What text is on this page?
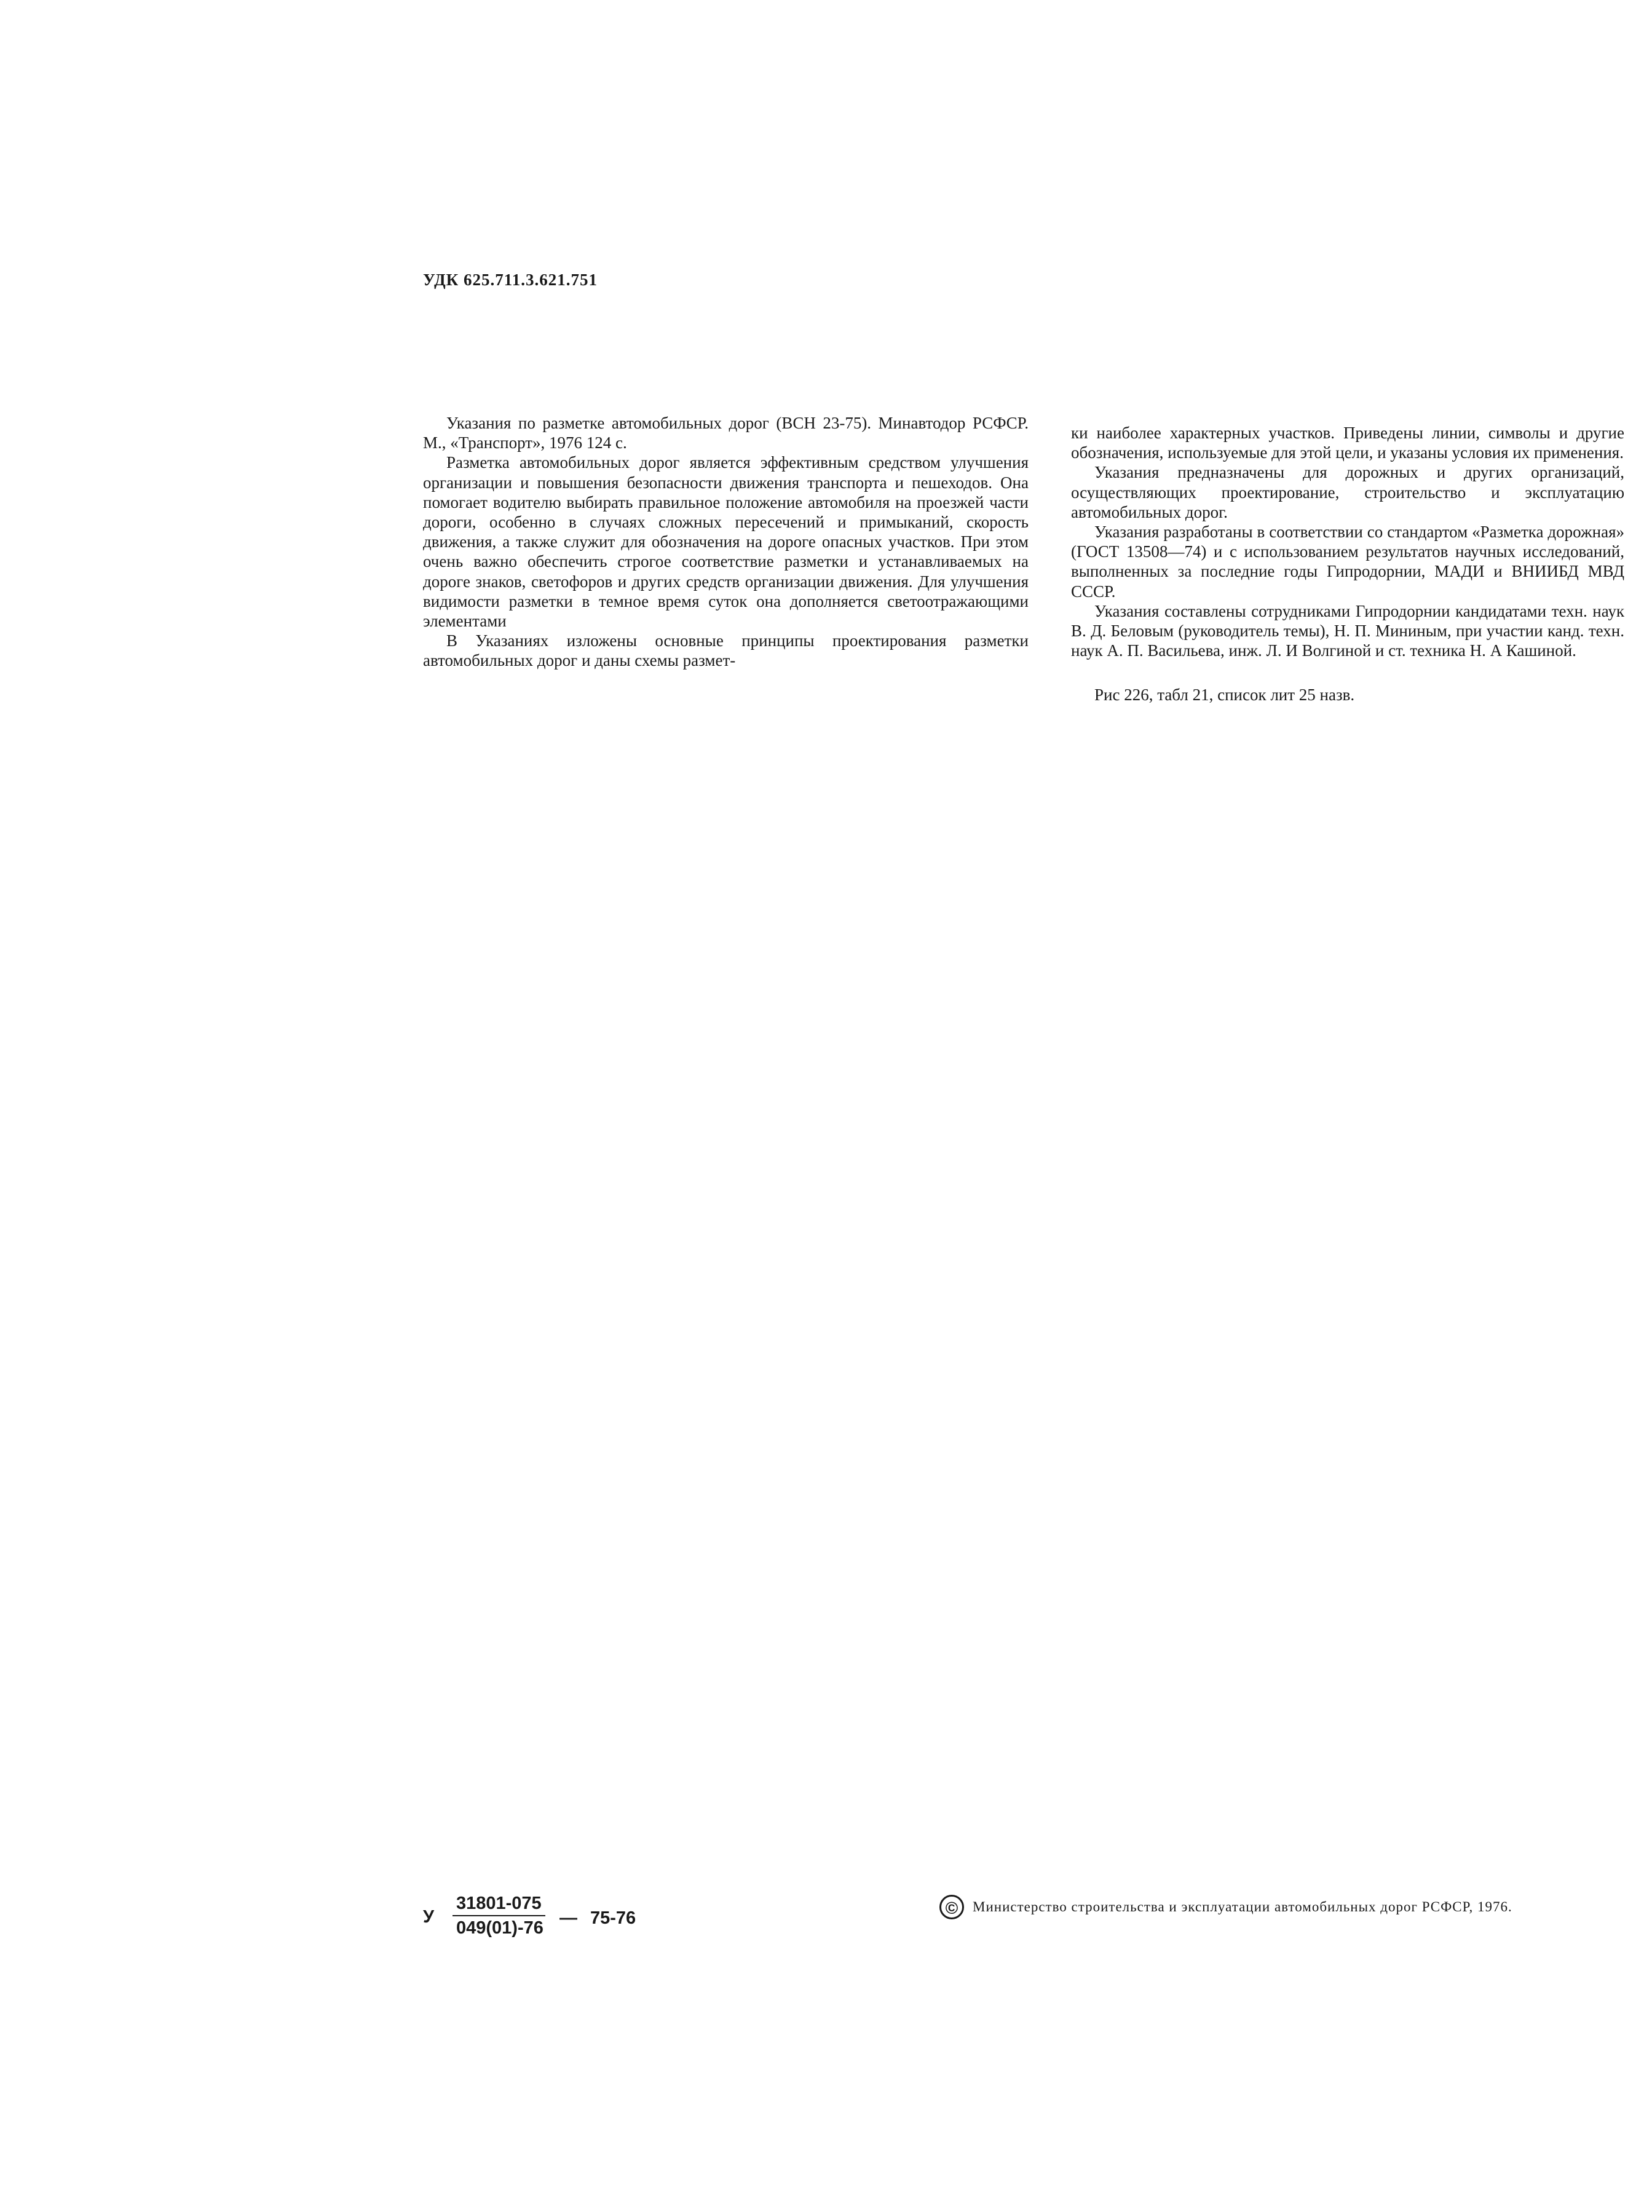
УДК 625.711.3.621.751

Указания по разметке автомобильных дорог (ВСН 23-75). Минавтодор РСФСР. М., «Транспорт», 1976 124 с.

Разметка автомобильных дорог является эффективным средством улучшения организации и повышения безопасности движения транспорта и пешеходов. Она помогает водителю выбирать правильное положение автомобиля на проезжей части дороги, особенно в случаях сложных пересечений и примыканий, скорость движения, а также служит для обозначения на дороге опасных участков. При этом очень важно обеспечить строгое соответствие разметки и устанавливаемых на дороге знаков, светофоров и других средств организации движения. Для улучшения видимости разметки в темное время суток она дополняется светоотражающими элементами

В Указаниях изложены основные принципы проектирования разметки автомобильных дорог и даны схемы размет-

ки наиболее характерных участков. Приведены линии, символы и другие обозначения, используемые для этой цели, и указаны условия их применения.

Указания предназначены для дорожных и других организаций, осуществляющих проектирование, строительство и эксплуатацию автомобильных дорог.

Указания разработаны в соответствии со стандартом «Разметка дорожная» (ГОСТ 13508—74) и с использованием результатов научных исследований, выполненных за последние годы Гипродорнии, МАДИ и ВНИИБД МВД СССР.

Указания составлены сотрудниками Гипродорнии кандидатами техн. наук В. Д. Беловым (руководитель темы), Н. П. Мининым, при участии канд. техн. наук А. П. Васильева, инж. Л. И Волгиной и ст. техника Н. А Кашиной.

Рис 226, табл 21, список лит 25 назв.

У
31801-075
049(01)-76 — 75-76
© Министерство строительства и эксплуатации автомобильных дорог РСФСР, 1976.
